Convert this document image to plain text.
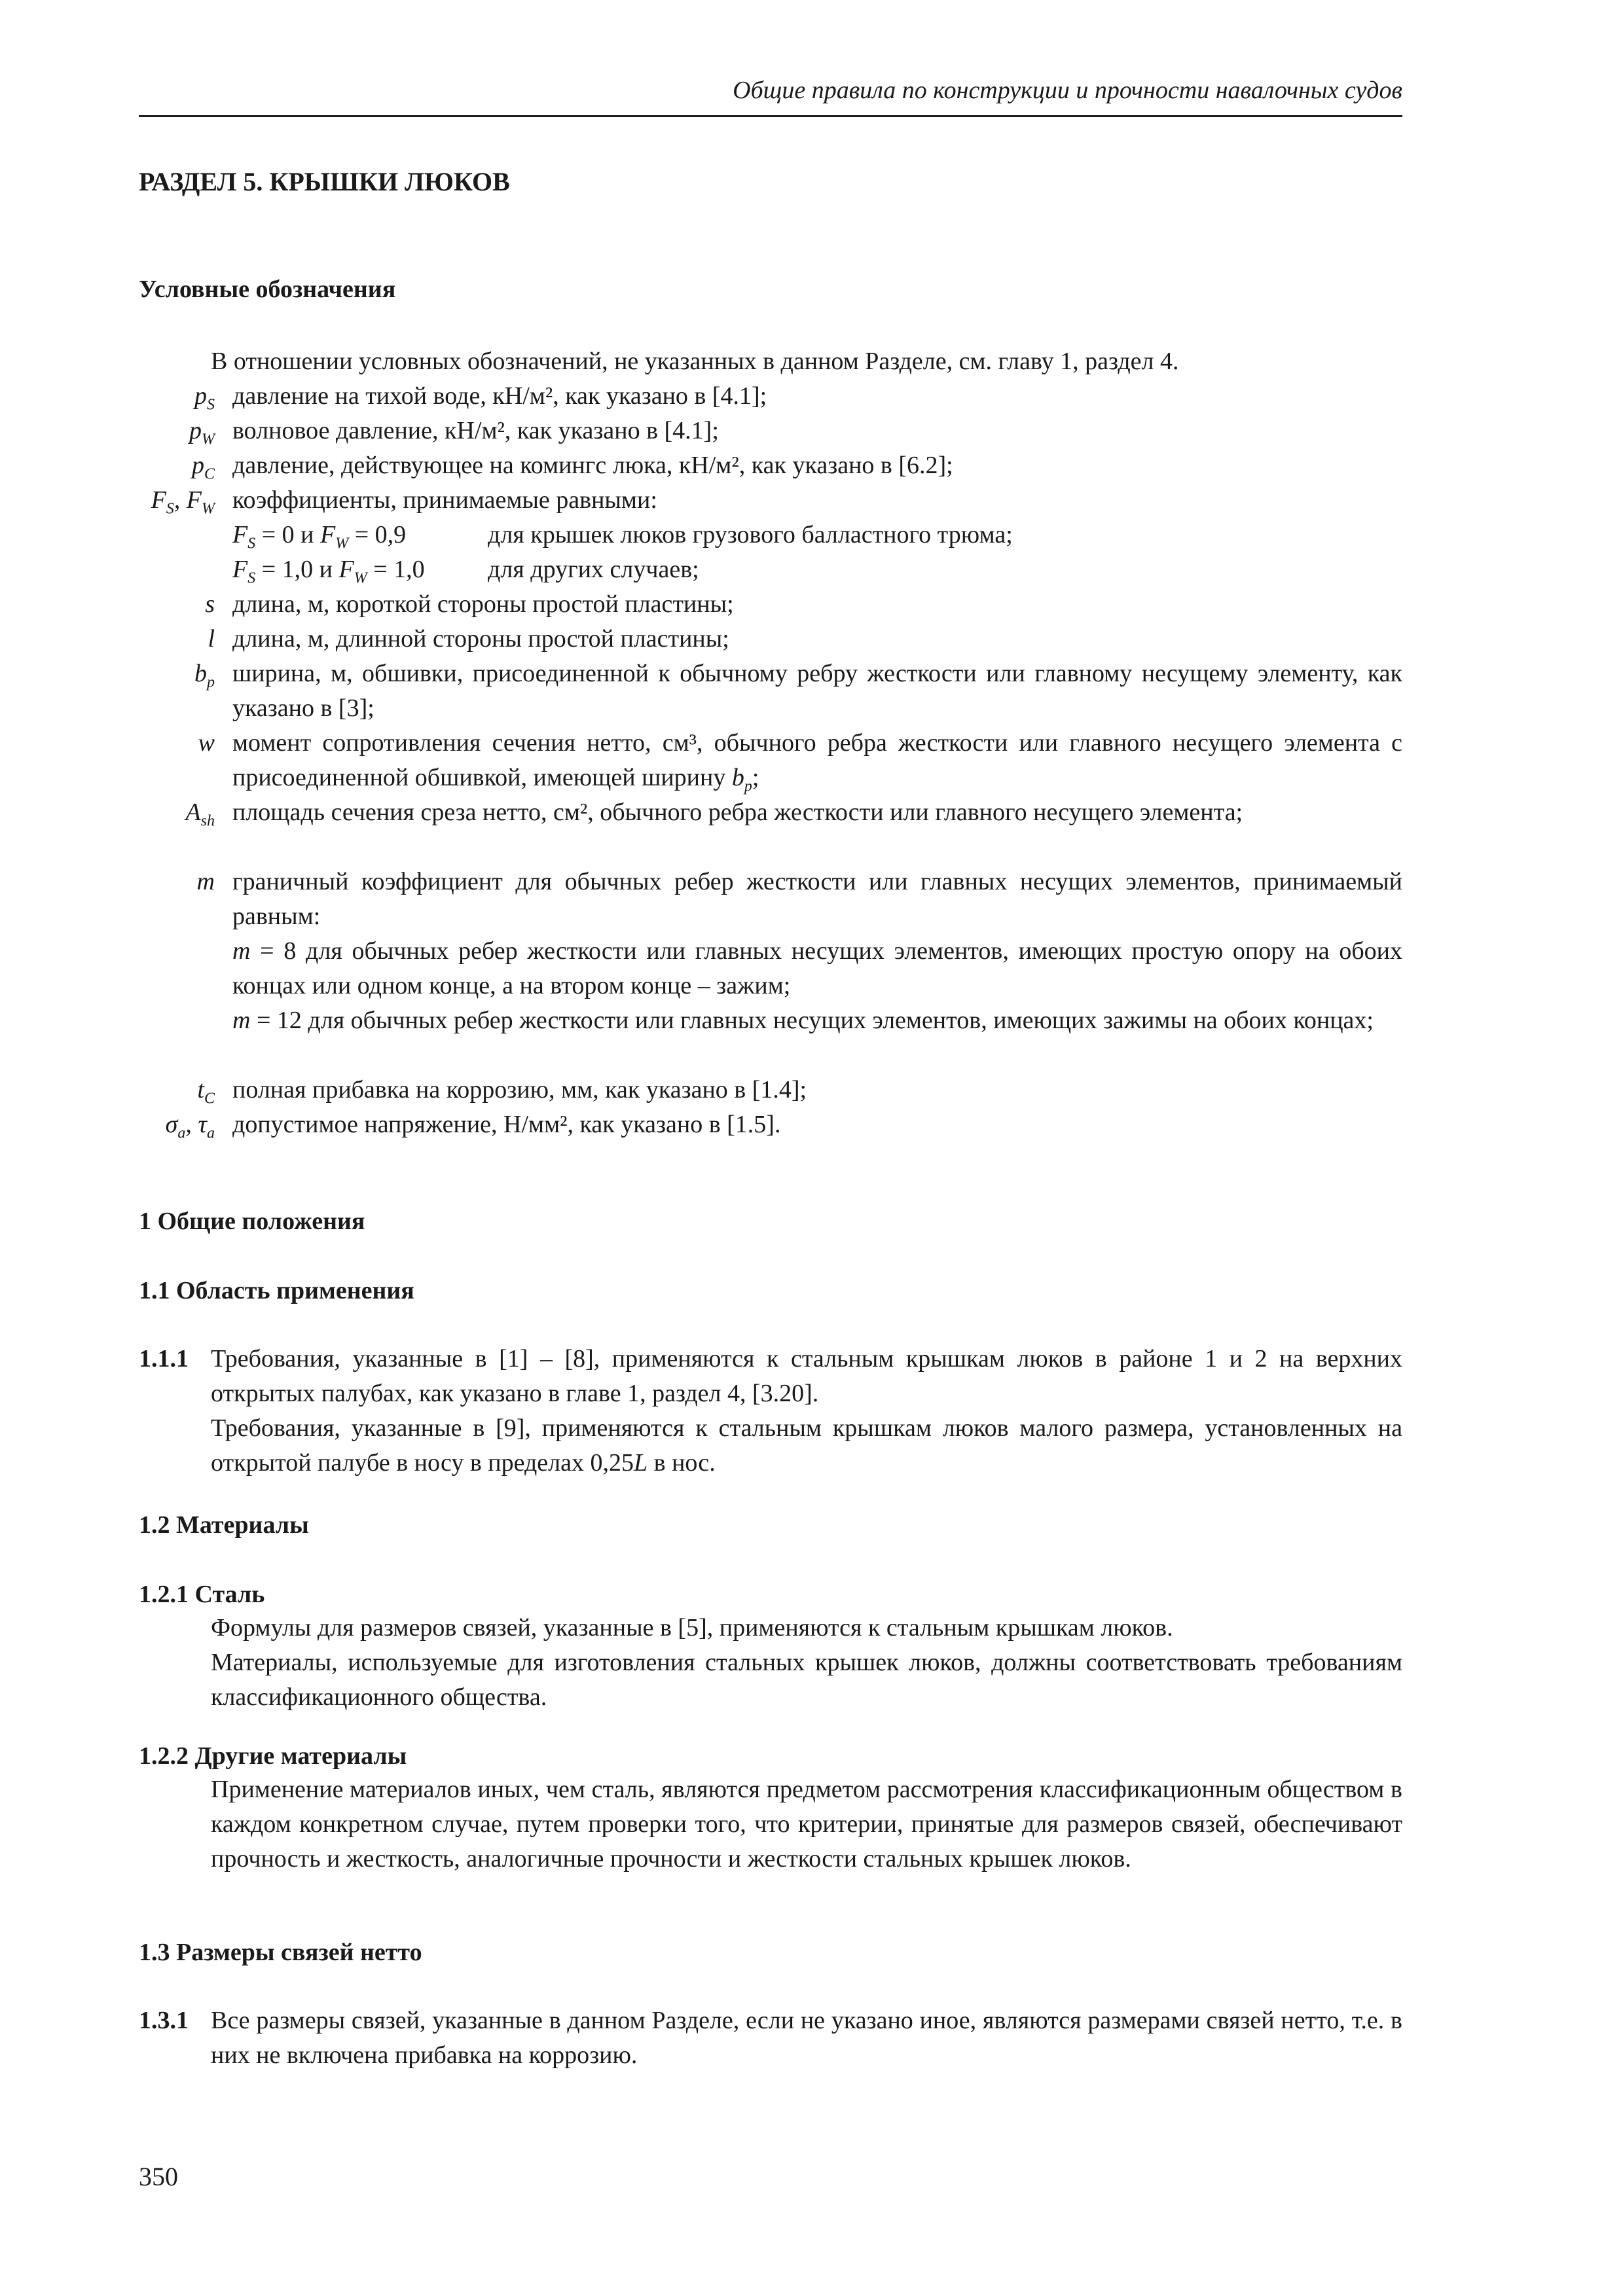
Общие правила по конструкции и прочности навалочных судов
РАЗДЕЛ 5. КРЫШКИ ЛЮКОВ
Условные обозначения
В отношении условных обозначений, не указанных в данном Разделе, см. главу 1, раздел 4.
$p_S$ давление на тихой воде, кН/м², как указано в [4.1];
$p_W$ волновое давление, кН/м², как указано в [4.1];
$p_C$ давление, действующее на комингс люка, кН/м², как указано в [6.2];
$F_S$, $F_W$ коэффициенты, принимаемые равными:
$F_S = 0$ и $F_W = 0,9$	для крышек люков грузового балластного трюма;
$F_S = 1,0$ и $F_W = 1,0$	для других случаев;
s длина, м, короткой стороны простой пластины;
l длина, м, длинной стороны простой пластины;
$b_p$ ширина, м, обшивки, присоединенной к обычному ребру жесткости или главному несущему элементу, как указано в [3];
w момент сопротивления сечения нетто, см³, обычного ребра жесткости или главного несущего элемента с присоединенной обшивкой, имеющей ширину $b_p$;
$A_{sh}$ площадь сечения среза нетто, см², обычного ребра жесткости или главного несущего элемента;
m граничный коэффициент для обычных ребер жесткости или главных несущих элементов, принимаемый равным:
m = 8 для обычных ребер жесткости или главных несущих элементов, имеющих простую опору на обоих концах или одном конце, а на втором конце – зажим;
m = 12 для обычных ребер жесткости или главных несущих элементов, имеющих зажимы на обоих концах;
$t_C$ полная прибавка на коррозию, мм, как указано в [1.4];
$\sigma_a$, $\tau_a$ допустимое напряжение, Н/мм², как указано в [1.5].
1 Общие положения
1.1 Область применения
1.1.1 Требования, указанные в [1] – [8], применяются к стальным крышкам люков в районе 1 и 2 на верхних открытых палубах, как указано в главе 1, раздел 4, [3.20].
Требования, указанные в [9], применяются к стальным крышкам люков малого размера, установленных на открытой палубе в носу в пределах 0,25L в нос.
1.2 Материалы
1.2.1 Сталь
Формулы для размеров связей, указанные в [5], применяются к стальным крышкам люков.
Материалы, используемые для изготовления стальных крышек люков, должны соответствовать требованиям классификационного общества.
1.2.2 Другие материалы
Применение материалов иных, чем сталь, являются предметом рассмотрения классификационным обществом в каждом конкретном случае, путем проверки того, что критерии, принятые для размеров связей, обеспечивают прочность и жесткость, аналогичные прочности и жесткости стальных крышек люков.
1.3 Размеры связей нетто
1.3.1 Все размеры связей, указанные в данном Разделе, если не указано иное, являются размерами связей нетто, т.е. в них не включена прибавка на коррозию.
350
